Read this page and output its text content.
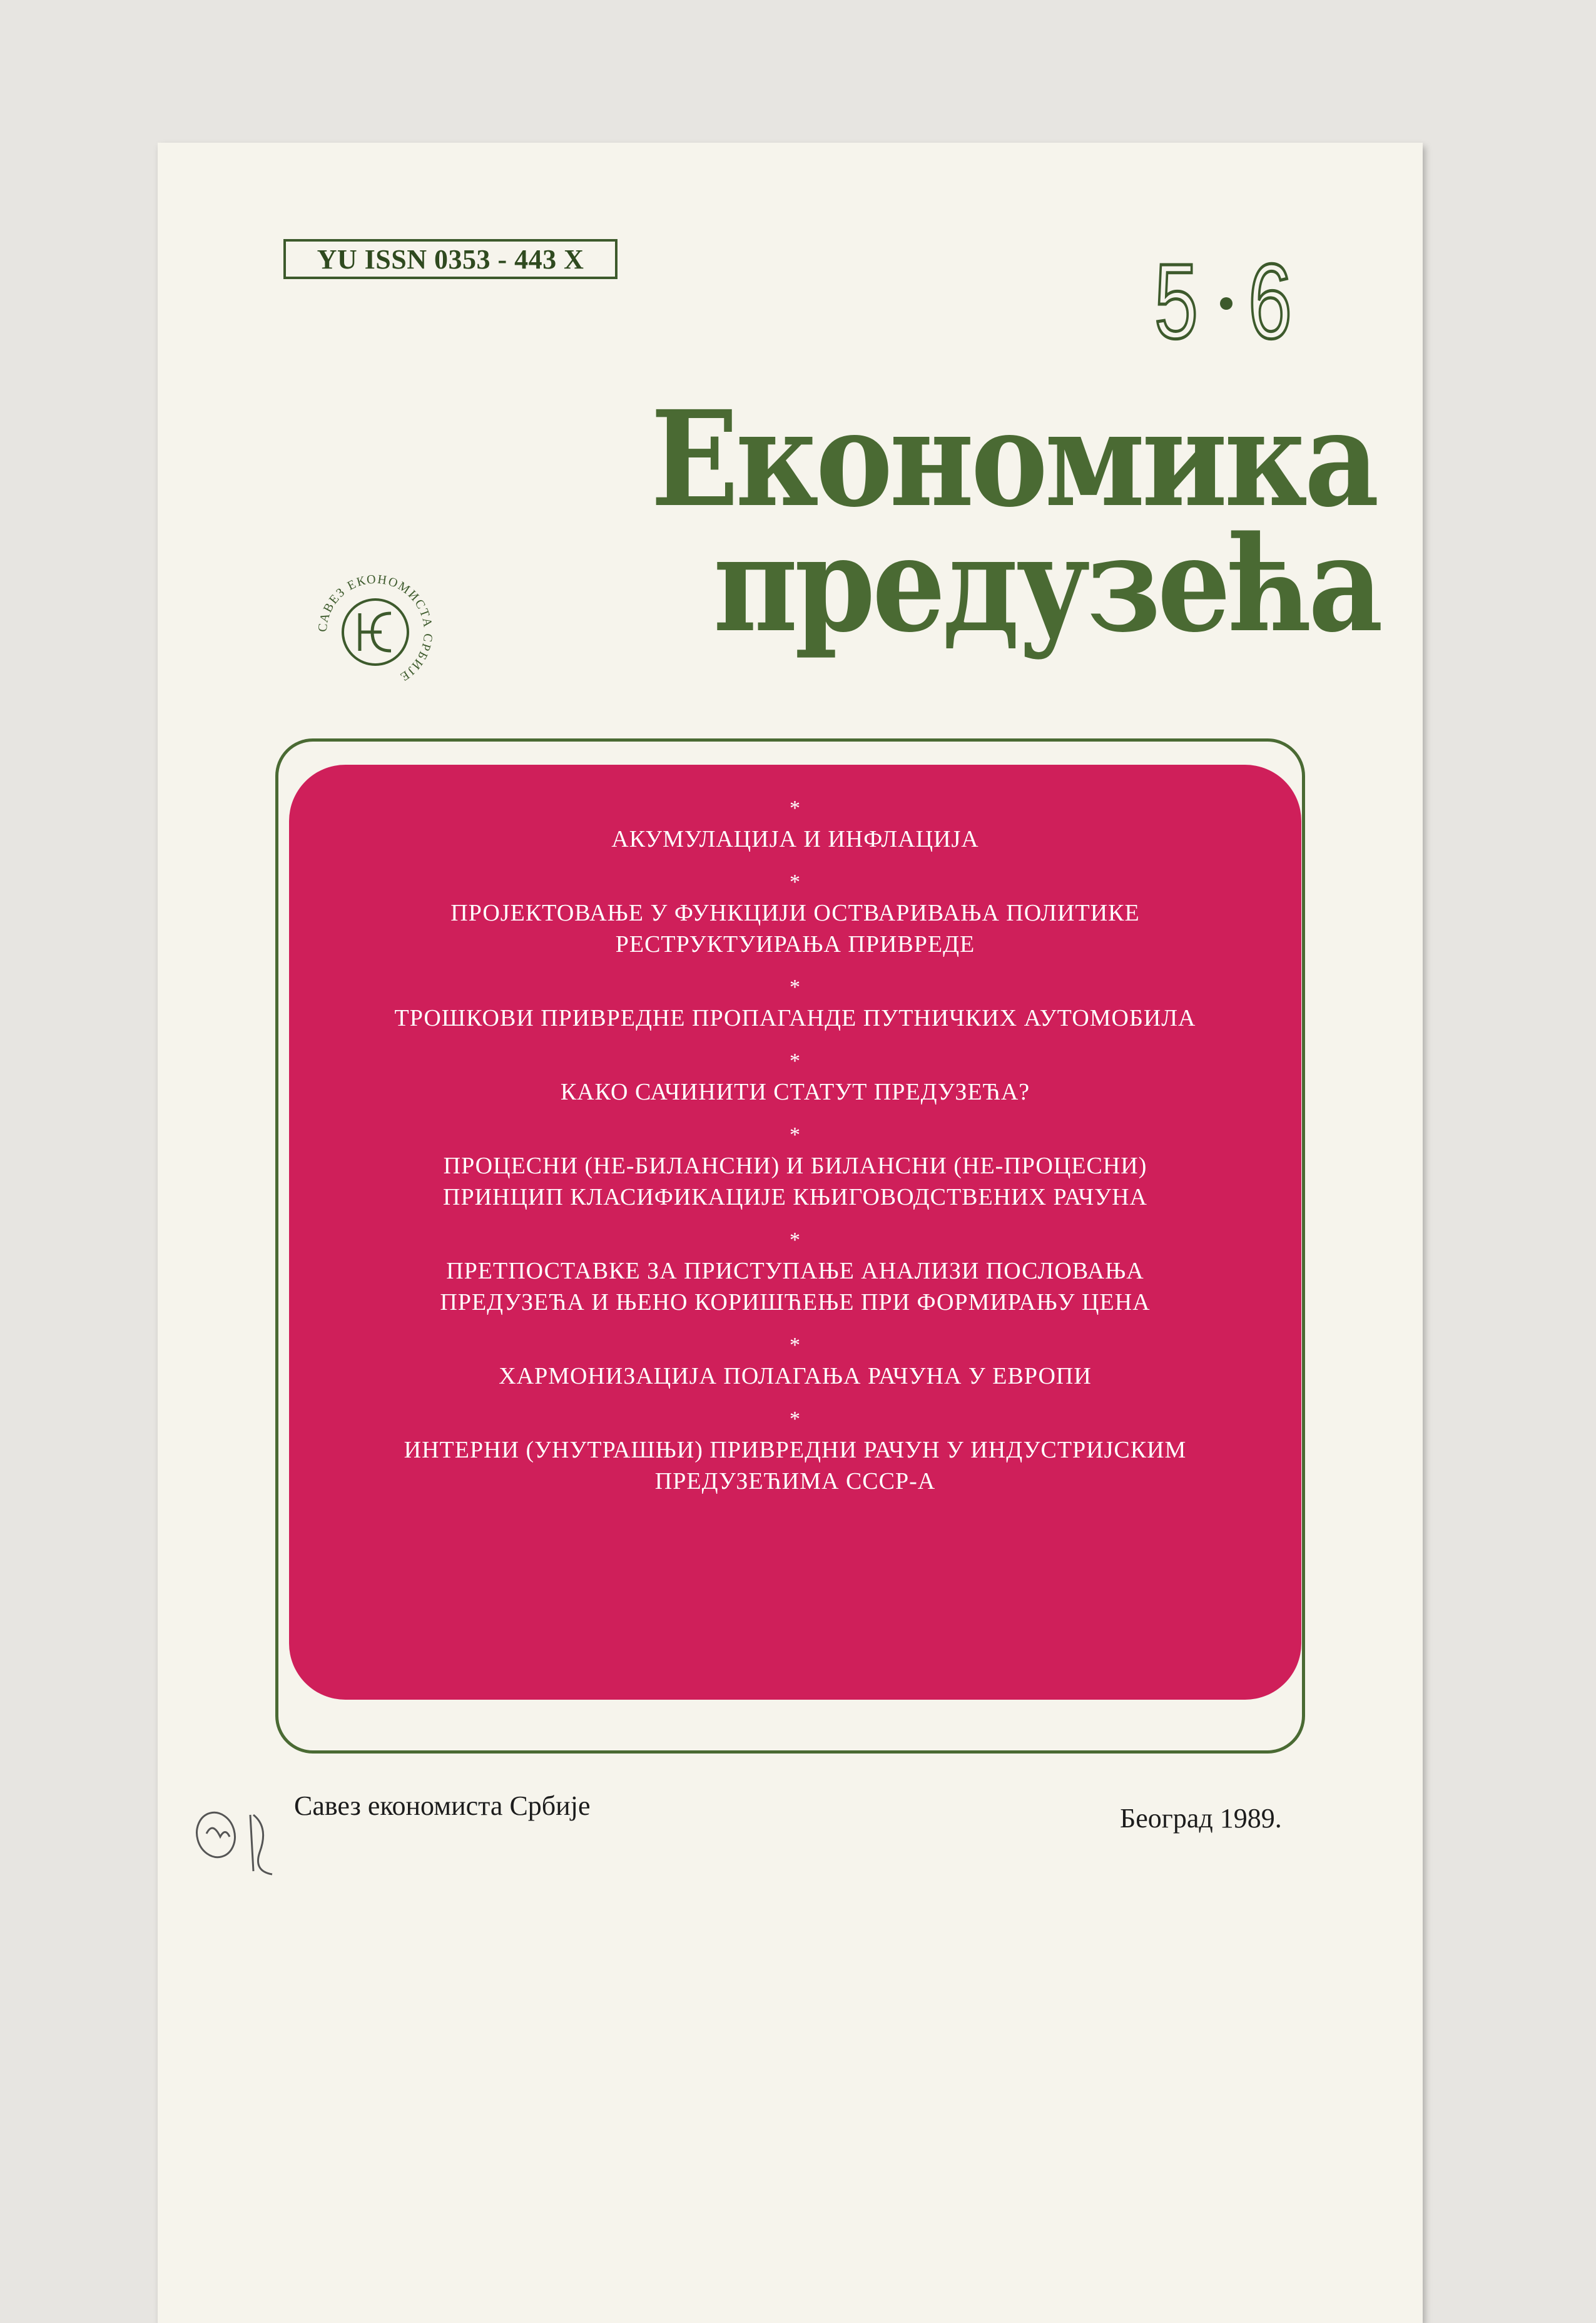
YU ISSN 0353 - 443 X	5 6
Економика
предузећа
САВЕЗ ЕКОНОМИСТА СРБИЈЕ
*
АКУМУЛАЦИЈА И ИНФЛАЦИЈА
*
ПРОЈЕКТОВАЊЕ У ФУНКЦИЈИ ОСТВАРИВАЊА ПОЛИТИКЕ
РЕСТРУКТУИРАЊА ПРИВРЕДЕ
*
ТРОШКОВИ ПРИВРЕДНЕ ПРОПАГАНДЕ ПУТНИЧКИХ АУТОМОБИЛА
*
КАКО САЧИНИТИ СТАТУТ ПРЕДУЗЕЋА?
*
ПРОЦЕСНИ (НЕ-БИЛАНСНИ) И БИЛАНСНИ (НЕ-ПРОЦЕСНИ)
ПРИНЦИП КЛАСИФИКАЦИЈЕ КЊИГОВОДСТВЕНИХ РАЧУНА
*
ПРЕТПОСТАВКЕ ЗА ПРИСТУПАЊЕ АНАЛИЗИ ПОСЛОВАЊА
ПРЕДУЗЕЋА И ЊЕНО КОРИШЋЕЊЕ ПРИ ФОРМИРАЊУ ЦЕНА
*
ХАРМОНИЗАЦИЈА ПОЛАГАЊА РАЧУНА У ЕВРОПИ
*
ИНТЕРНИ (УНУТРАШЊИ) ПРИВРЕДНИ РАЧУН У ИНДУСТРИЈСКИМ
ПРЕДУЗЕЋИМА СССР-А
Савез економиста Србије	Београд 1989.
